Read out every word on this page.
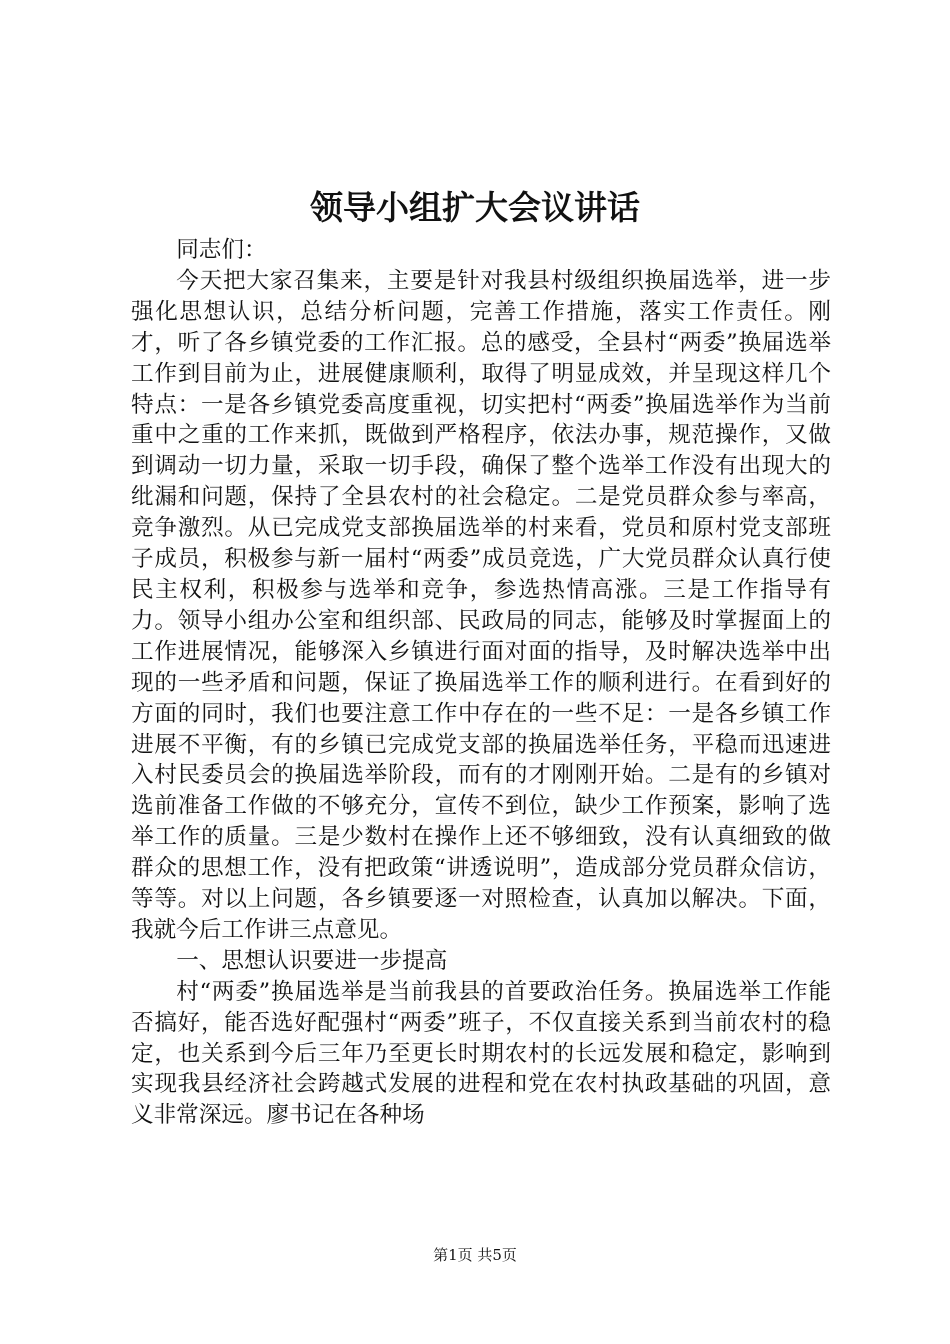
领导小组扩大会议讲话

同志们：

今天把大家召集来，主要是针对我县村级组织换届选举，进一步强化思想认识，总结分析问题，完善工作措施，落实工作责任。刚才，听了各乡镇党委的工作汇报。总的感受，全县村“两委”换届选举工作到目前为止，进展健康顺利，取得了明显成效，并呈现这样几个特点：一是各乡镇党委高度重视，切实把村“两委”换届选举作为当前重中之重的工作来抓，既做到严格程序，依法办事，规范操作，又做到调动一切力量，采取一切手段，确保了整个选举工作没有出现大的纰漏和问题，保持了全县农村的社会稳定。二是党员群众参与率高，竞争激烈。从已完成党支部换届选举的村来看，党员和原村党支部班子成员，积极参与新一届村“两委”成员竞选，广大党员群众认真行使民主权利，积极参与选举和竞争，参选热情高涨。三是工作指导有力。领导小组办公室和组织部、民政局的同志，能够及时掌握面上的工作进展情况，能够深入乡镇进行面对面的指导，及时解决选举中出现的一些矛盾和问题，保证了换届选举工作的顺利进行。在看到好的方面的同时，我们也要注意工作中存在的一些不足：一是各乡镇工作进展不平衡，有的乡镇已完成党支部的换届选举任务，平稳而迅速进入村民委员会的换届选举阶段，而有的才刚刚开始。二是有的乡镇对选前准备工作做的不够充分，宣传不到位，缺少工作预案，影响了选举工作的质量。三是少数村在操作上还不够细致，没有认真细致的做群众的思想工作，没有把政策“讲透说明”，造成部分党员群众信访，等等。对以上问题，各乡镇要逐一对照检查，认真加以解决。下面，我就今后工作讲三点意见。

一、思想认识要进一步提高

村“两委”换届选举是当前我县的首要政治任务。换届选举工作能否搞好，能否选好配强村“两委”班子，不仅直接关系到当前农村的稳定，也关系到今后三年乃至更长时期农村的长远发展和稳定，影响到实现我县经济社会跨越式发展的进程和党在农村执政基础的巩固，意义非常深远。廖书记在各种场

第1页 共5页
